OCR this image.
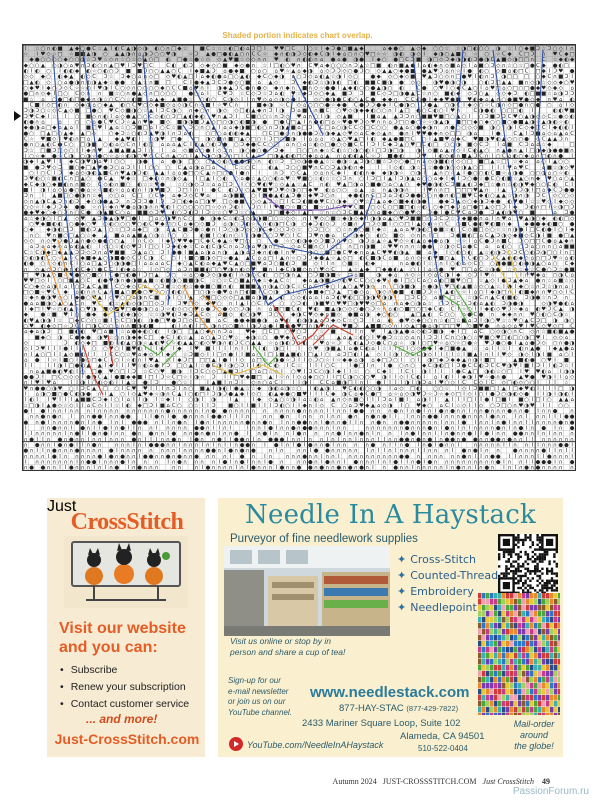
Shaded portion indicates chart overlap.
I ☆ ○ ∩ ◐ ■ ▲ ◆ ○ ● C ☆ ▲ I ◐ C ▲ ◑ ◇ ◑ ◐ ○ ∩ □ ◆ ☆ ■ C ☆ ☆ ☆ ◐ □ ◐ ⌂ Ɔ □ I ♥ ♥ □ C I ○ ☆ I ◆ Ɔ ● □ ■ ▲ ◆	⌂ ◆ ● ○ ▲ ◇ ◆ ○ ○ ☆ ☆ ◑ □ ◐ ○ ○ ◑ ☆ I ○ ◆ ■ Ɔ ☆ Ɔ ○ ◇ I ∩
☆ I ♥ ◇ ☆ □ ☆ ■ ■ ▲ ◑ ○ ▲ ▲ ◑ ∩ ⌂ ◑ Ɔ ○ ○ ♥ ◑ ☆ Ɔ ▲ ● □ ● ◐ ▲ ○ ∩ C C ☆ ◆ ∩ ◐ ◑ Ɔ ◇ ◐ ◆ C ◑ I ◆ ⌂ ○ ∩ ○ ♥ □ ☆ ☆ ◑ ◐ ◑ ◇ I ◆ ◑ ○ ▲ ■ ○ ☆ ○ ☆ C ◆ C □ Ɔ ∩ ♥ C ◆ □
◆ ● ○ ○ ○ ○ ◆ ○ ○ ◑ ☆ Ɔ ♥ ☆ ◇ ∩ ☆ ○ ☆ ◇ ▲ ○ □ ◐ □ ● ☆ ● ☆ ◇ ◇ ▲ ♥ ■ ☆ ◇ ◇ ∩ ∩ ♥ ◐ ∩ ◐ ◐ ∩ ⌂ ● ⌂ ● ◑ ● I ◆ ○ ● □ C Ɔ ■ ◑ □ ◇ Ɔ ◆ ◑ ◑ ◐ Ɔ ● ◑ C ▲ ■ ◇ ◑ □ □ ∩ C ☆ ◆ ◐ ◆
◆ ○ ○ ▲ ○ ◑ ○ ⌂ ♥ ∩ Ɔ ◐ ○ ∩ ▲ □ ♥ I Ɔ ♥ □ C C ◐ ◐ Ɔ ◇ ◆ ◇ ○ ■ ◆ ◇ ● ∩ ☆ I □ ◐ ○ ♥ ∩ C ♥ ⌂ ◆ ○ ○ ○ ∩ Ɔ ▲ ☆ □ ■ ◐ ∩ ■ ▲ ● I ⌂ ◐ ◆ ∩ ◇ ■ ⌂ ◇ I ⌂ ■ ○ Ɔ ◇ ∩ ☆ ○ ☆ □ ● C ◆ ● ◐ □
◐ I ◐ ○ I I ◐ ◐ ◆ ◐ ☆ ○ ◐ ○ Ɔ ■ ■ Ɔ ○ ○ ▲ ▲ ○ C I ◆ ■ ▲ Ɔ ⌂ ● ◆ ■ ○ ⌂ ○ ⌂ ♥ ☆ ▲ ⌂ ◆ ◑ ⌂ ◇ Ɔ Ɔ ◇ ○ ● Ɔ ○ ◇ ▲ ▲ ○ ◆ ● ■ ● ▲ ♥ Ɔ ⌂ ∩ ☆ I ● ◐ ○ ◇ ■ ⌂ ◐ □ C □ ◆ I Ɔ ♥ ●
◇ ◇ ◆ ○ ◐ ◆ ▲ ◐ ◇ C Ɔ ☆ Ɔ ◆ ○ ⌂ ∩ ◇ □ ◇ ♥ ◐ ▲ □ I ⌂ ◆ ◐ ● ⌂ □ ○ ▲ ◐ ◆ C ○ ◆ ◑ ⌂ ○ Ɔ ◇ ⌂ ◐ ▲ ☆ ◑ I ◇ ○ ● ◆ ◇ ○ ◆ ◇ ■ ♥ ▲ Ɔ ○ ◇ ∩ □ ● ♥ I ◐ ∩ Ɔ ◑ □ □ □ ○ ◆ C ∩ ■ Ɔ I
□ ▲ ◐ ◇ ○ ⌂ ● ◑ ∩ ◐ ◑ ▲ ◆ ☆ ● ● ○ ▲ ☆ ∩ ■ □ C I ● ◆ ▲ Ɔ C Ɔ ● ◇ ○ ■ ⌂ ▲ ◇ Ɔ ◆ ◐ Ɔ ☆ ◑ ◑ ◐ □ ◐ ■ ■ C ■ ◑ ● ◇ ◇ ◑ ♥ ● ◑ ○ ◑ ○ ◐ Ɔ □ ▲ ▲ ■ ∩ ◇ ◑ ☆ ◇ ◇ ◆ ○ ♥
○ ◆ ♥ I ◆ ○ Ɔ ◇ C ☆ ☆ ◐ I ♥ ◑ I C ○ ◇ ∩ ○ ○ ○ ○ ◆ ○ C C ■ ⌂ ♥ ∩ I ◑ ◆ ▲ Ɔ C ● ∩ ● ◇ ◆ ∩ ◆ ∩ ■ ∩ ◇ ☆ ● ● I ▲ ◆ ◐ ○ ○ ● ▲ ◑ ○ ◐ C ● ○ ♥ I ○ ◆ C ▲ ○ I ⌂ ♥ □ ⌂ ○ □ ○ □ ● ◆ ♥ ◇ ◆ ◇ ⌂
● □ ∩ ◇ ◆ I □ ○ C ◇ ∩ ∩ ■ ☆ ○ ∩ ● ▲ ◇ ∩ □ ○ ○ ○ ● ○ ⌂ I C ♥ Ɔ ☆ C ◇ Ɔ ☆ Ɔ ⌂ ◐ ♥ ☆ ◆ Ɔ ◇ ○ ◆ ▲ ■ Ɔ Ɔ ■ C ◇ Ɔ □ ◑ ● ▲ C ☆ ∩ ○ ■ ◐ ◆ ◇ Ɔ ○ ▲ ◇ ◇ ◆ Ɔ ◐ □ ■ ■ ☆ ⌂ ◑ Ɔ Ɔ
■ ☆ ⌂ ○ ● □ ◐ □ ● ◆ ∩ ◑ ☆ ○ C ○ ☆ ◐ ■ ⌂ ▲ ◆ ▲ ■ ● ☆ ○ ◐ ○ C ◑ ◇ I I ∩ ♥ ◇ ⌂ ◇ ◑ ◇ ● I Ɔ ◇ ○ ● ◑ ● C ◐ ○ ▲ C ● ◆ ◆ ∩ C C ◐ ● I ◆ ◆ ♥ ● ■ ♥ ◐ ◆ ⌂ ▲ ∩ ○ ● ■ ♥ ● ◇ ◆ ∩ ♥ ⌂ ◐
C ■ I ◇ □ ◐ ∩ ◇ ◆ ◑ ⌂ ○ ◆ ▲ ◐ ○ C ♥ ○ ◇ ◆ ■ ◇ ⌂ ◇ ◑ C ∩ ◇ ■ I ☆ ♥ C ∩ I ■ ◆ ◑ ☆ C ◇ ⌂ ○ ○ ○ ● ☆ ◆ ● C ● Ɔ Ɔ ● ◆ I C ● ◑ ○ Ɔ ● ▲ ○ ◑ C I ◆ ◇ ○ ☆ C ◑ ∩ ◇ □ ● ∩ ○ ● ○ ⌂ I ◇
Ɔ ◑ Ɔ ○ ☆ ◇ C ▲ ◇ ■ □ ● ○ ♥ C ◇ ■ ◑ ○ ☆ ▲ I Ɔ C ◑ ○ ∩ ◆ ○ ∩ ◑ ◇ ◇ □ ◐ ▲ ◆ ∩ Ɔ I ◑ Ɔ ⌂ ■ I ∩ ■ C ○ ♥ ◇ ◑ ◆ ◆ ◐ ○ ○ ∩ I ▲ □ ◐ ○ C ◐ ○ I ♥ ∩ C ◑ ● ◐ ○ □ □ ◐ I	◐ ◐ ♥ ■
Ɔ ♥ C ◆ I ☆ I ○ ■ ◇ ∩ ◐ I ⌂ ◇ ● ▲ ○ ○ C ◇ ◐ ○ Ɔ □ ▲ ◐ ◆ ◐ ♥ ∩ ▲ Ɔ I C ■ ○ ○ ☆ ∩ Ɔ ◇ ♥ ⌂ ∩ ○ I ◑ ◇ ▲ ■	I ■ ⌂ ▲ ▲ Ɔ Ɔ ∩ ○ ■ ■ ♥ ■ □ ○ ▲ ○ I ○ Ɔ ■ Ɔ Ɔ C ♥ ○ ▲ ◑ ◇ ◇ C ☆ ● ◇ ◐
◐ ● ∩ ⌂	⌂ ○ ○ ⌂ ● C ♥ C Ɔ ☆ ▲ ∩ ♥ ◆ ■ ◇ ■ ◑ ◑ ■ Ɔ ▲ ◇ □ ○ ◑ ○ ◐ ■ ◑ ● □ ● C □ ▲ I ∩ ● ◐ □ ⌂ ☆ ♥ ● ♥ Ɔ ◇ ♥ ∩ ∩ ⌂ Ɔ □ ○ ● ○ ☆ ☆ ◑ ▲ ◑ ■ □ □ ◆ ○ ◆ ○ ○ ■ ○ ● ■ ▲ ◑ ☆ ▲ ◑ ◐ ☆ ◐
◆ ● ◑ ⌂ □ ◆ ⌂ ▲ ⌂ I ■ □ ♥ I ▲ ⌂ ☆ ○ Ɔ ■ □ ⌂ I ○ C ☆ ■ Ɔ ○ ∩ ○ ▲ I ⌂ ⌂ ◆ ◑ ■ □ ◐ ○ ∩ Ɔ ◑ ▲ ■ ⌂ □ Ɔ C □ ⌂ ○ ◑ C C ◇ □ C ○ ○ ● ▲ ⌂ ○ ● ◆ ◑ ∩ ∩ ● ○ ○ ◇ ◇ ■ ◑ ○ I ◑ I C ◇ ◆ □ C I ◆ ◐ ◐ I
● ○ □ ▲ □ ○ ▲ ◆ ▲ □ ◇ ○ ◆ Ɔ ☆ ○ ◐ Ɔ ▲ ♥ ◑ I ∩ Ɔ ⌂ ◐ ○ □ ○ ⌂ ◐ ◐ ◆ ▲ □ C □ ● ◇ ∩ ◑ ● ● Ɔ ○ ◑ ◆ ▲ ◇ ♥ ◇ ⌂ C ◆ ◇ ▲ ∩ ● ∩ I ♥ ♥ ● ◆ ∩ ◇ □ □ ◑ ⌂	I ● C ▲ I Ɔ ■ ⌂ ◇ ⌂ ▲ ⌂ C
C ☆ ♥ ■ ◇ I ♥ ◐ ∩ □ ⌂ ▲ ◆ ▲ ♥ ◐ I ○ ◑ ♥ □ ● □ ◑ ○ ■ ∩ ■ □ ▲ ○ □ ○ I Ɔ □ ○ ■ ◑ I ⌂ ⌂ ⌂ ◇ ▲ ○ ♥ ▲ □ I ◐ ◆ ▲ ● ■ □ C ○ I ▲ ■ ♥ ⌂ ◆ C ♥ ■ ◑ ♥ ◐ ▲ ○ ○ ○ ● ◇ C ▲ ▲ Ɔ ∩
● ∩ ○ ▲ ◐ C ● C ○ □ ◑ ■ ○ ◐ ⌂ ○ C ∩ I ◐ □ ⌂ ⌂ ⌂ ▲ C I ◐ ▲ ○ ◐ Ɔ ● ○ Ɔ ◆ ● C C ○ □ ⌂ ∩ ○ ⌂ ☆ ◐ ◇ □ ● ○ ◇ ■ C C I Ɔ I C ◆ Ɔ ▲ ○ ♥ □ C ◐ □ ○ ○ ◑ ■ ◇ C Ɔ I ⌂ ■ C Ɔ ⌂ ⌂ ☆ ◆	□
Ɔ ☆ □ ■ Ɔ □ ◇ ○ I I ◆ ∩ ♥ ▲ ■ ▲ ■ ▲ Ɔ I ○ I ⌂ ◇ ■ ⌂ ○ ● I ◇ Ɔ ∩ ◑ ○ ● ○ ● Ɔ ◆ □ ○ □ ∩ ◆ ☆ C ◐ ☆ ○ ◑ ○ ◐ I □ Ɔ ◑ □ ◑ ◑ ◇ ■ ⌂ ▲ ∩ ◇ I C ◐ ▲ ○ ∩ ▲ ● ∩ ▲ I □ ◑ ◆ ◑ ● ● ■ ∩
I ○ ☆ ◆ ● ☆ C ◑ ○ ◑ ☆ ● ○ ☆ ⌂ ☆ ◐ ◑ ○ ♥ ◇ C C ∩ ▲ ○ ○ I ▲ I ◑ ○ ◑ Ɔ ∩ □ I C ▲ ∩ □ ◑ ▲ ◐ ◐ □ ○ ◆ ⌂ ⌂ ▲ ∩ ⌂ ◐ ◐ ▲ C ☆ Ɔ ■ ● ◐ Ɔ ♥ I ◐ ◇ ◐ ∩ ■ ▲ Ɔ C ∩ I ○ C ⌂ ◐ ○ ◆ ⌂ ∩ □ ◐ ∩ ● I
◑ ◆ I ▲ ♥ I I ◆ C ◑ ♥ ◑ ⌂ ♥ I ○ ○ ◑ ● ⌂ ● ◑ □ ○ ○ ▲ ◇ ◐ ○ ● ● ◑ ○ ∩ ◐ ☆ Ɔ □ ◇ ◑ ● ● ▲ ☆ ☆ ● ◑ ☆ ▲ Ɔ ◑ ○ ■ ☆ Ɔ ◇ ○ ● □ ∩ ⌂ ◇ ◑ ■ ◐ ∩ ◇ ○ □ ■ □ ▲ ☆ □ ☆ ◆ ⌂ ⌂ ○ I ▲ ○ ○
■ ● Ɔ ♥ ◇ Ɔ ■ ○ ◆ □ ▲ ♥ ● Ɔ ○ ⌂ Ɔ I I I ○ ○ ○ C ▲ ⌂ ◑ ⌂ □ ⌂ I C ☆ ○ C ◐ ▲ Ɔ ○ ○ ■ ♥ ∩ C ○ Ɔ ▲ ◑ ◐ ∩ ◆	I I ◇ ◐ ◑ ☆ Ɔ ☆ ● ● ◑ ○ ◇ ◑ ▲ ○ □ I I I ♥ ⌂ ♥ C	⌂ ■ ☆ ◑ ◇ ♥
○ I ○ C I Ɔ ◆ ⌂ ◇ ◑ ◐ ▲ ■ C ∩ ♥ ▲ ◑ Ɔ ◐ ▲ ▲ I ⌂ ⌂ ● □ ○ C ▲ ☆ □ ○ ● I ● ∩ I	∩ Ɔ ○ C ▲ ◇ ⌂ ∩ C ◆ I ◐ ◐ ∩ ◆ ◆ ◑ ◑ ☆ ○ ◑ I ▲ ∩ ○ ☆ ▲ I ● ○ ○ ◐ C ■ ☆ ⌂ ◑ ● ○ ○ ◑ ⌂ ○ ☆ ◐
Ɔ ♥ ◐ ○ ☆ ■ ◐ C ∩ □ ▲ ○ ● C ▲ ♥ ◆ ☆ □ ◆ ◐ ☆ ∩ ◑ ◇ ▲ I □ ▲ I ○ ◐ ○ ⌂ ● ☆ ▲ ○ ○ ◐ ⌂ ♥ ☆ ♥ ■ ○ ☆ ◐ ☆ ☆ ○ Ɔ ∩ ○ I Ɔ □ I ▲ I Ɔ ◑ ▲ ⌂ ○ ○ ⌂ ◆ I ◆ I Ɔ ○ ● ☆ ● C ○ ◐ ■ ☆ ▲ ○ ∩ ◆ ♥ ○ ⌂ ○ ▲
◆ C ◆ ◑ ○ ◆ ■ ◐ ∩ ∩ ■ ◇ C ◇ ◐ ∩ ■ ○ ◐ ☆ ☆ ♥ ● ☆ ○ ◑ ◇ Ɔ ☆ ⌂ ⌂ □ Ɔ I ○ ○ ♥ ◐ ♥ ☆ ◇ ▲ ▲ ☆ ▲ C ∩ ◐ ♥ ▲ □ ◑ ⌂ ○ ■ ● ○ ⌂ ○ ▲ ○ ◆ ♥ ● ◑ ◐ C Ɔ ■ ▲ ◐ Ɔ ◆ □ ☆ ● ∩ ☆ ◐ ◑ ♥ ◆ ○ ○ C ◐ C I
■ I ◑ I ⌂ ◇ ⌂ ● ○ ● ⌂ ☆ ☆ ■ ◐ ☆ ⌂ ⌂ ◐ ∩ I ◑ ♥ ■ Ɔ Ɔ □ I ∩ I ● C ◐ Ɔ I ○ ▲ ♥ ■ ♥ Ɔ ♥ ◇ ◑ ○ □ ◆ ♥ ◐ ⌂ ○ ○ ⌂ ▲ ⌂ ∩ ▲ ◑ ◑ ∩	I ♥ ∩ ∩ □ □ □ □ ♥ ▲ ∩ I ▲ Ɔ Ɔ ◑ I □ ⌂ ◆ C Ɔ ● ●
Ɔ ∩ I ▲ ■ □ ○ ● ◑ ∩ ☆ ◆ ◇ ○ ⌂ C □ ○ C ◆ ⌂ ◆ Ɔ ◇ C ♥ ⌂	⌂ ◑ ■ ■ ○ I ■ ● ▲ ◐ ▲ Ɔ ● ☆ ◆ ♥ Ɔ ○ ∩ ◆ ● ◐ ∩ C □ Ɔ ⌂ Ɔ ◐ Ɔ ● ● ○ ○ ∩ ● ∩ ◐ □ ■ ♥ C ◆ ◐ ○ ▲ ▲ ☆ ◑ ∩ ◑ Ɔ C ◇ ○ ○ ◇
◇ ∩ ▲ ◑ C ▲ Ɔ ∩ ◐ Ɔ ◆ ○ ◑ ● ▲ Ɔ ∩ Ɔ Ɔ Ɔ ● I Ɔ Ɔ □ ◐ ◆ ⌂ □ ◑ ♥ □ ◇ ● ■ ○ ◇ ▲ Ɔ ☆ □ I C Ɔ ◐ ■ ● ♥ C ○ ◑ ◆ ○ ♥ ☆ □ ▲ ⌂ ◆ ○ ■ ◆ ◐ ◑ ● ● ◆ Ɔ ▲ ◇ ○ ◆ ◑ Ɔ ◆ ● ◐ ♥ ● I ☆ ☆ ♥ ◇ I ◆ ◇ ◇
○ ◇ ☆ I ◆ Ɔ Ɔ ◆ ● ● ☆ ∩ ☆ ◆ ∩ ♥ ● ⌂ ◑ ◑ ∩ ∩ ♥ ◐ I ○ ○ ○ ○ ○ □ ☆ ◇ ∩ Ɔ ◐ I Ɔ ○ I I ♥ ■ ○ ☆ ■ ○ ■ ☆ ∩ I ○ ♥ ♥ C ■ ○ ◇ C ○ □ ■ □ ◐ ☆ ◐ ○ ◆ □ ◆ Ɔ ⌂ □ ● □ ▲ ◇ □ Ɔ I ◆ Ɔ ◐ ∩ □ I ☆ ◑ □ Ɔ
● ◆ ♥ ◆ ○ ◆ ○ Ɔ ∩ ○ C ● ◑ ▲ ■ C ○ ⌂ ■ ■ ◇ Ɔ ♥ ◐ ○ Ɔ ◐ Ɔ I Ɔ ☆ ☆ ○ ♥ Ɔ ☆ ○ ▲ Ɔ □ ■ ◆ ◇ I ▲ □ ☆ ∩ ☆ ○ Ɔ C ■ ▲ C ○ ⌂ ■ ◆ ○ ○ ● ♥ ◇ Ɔ ● I ● C ♥ C ⌂ Ɔ ● Ɔ ▲ ◐ ◑ ♥ ○ ■	⌂ Ɔ ●
⌂ ☆ ◆ ◑ ○ I □ ▲ ◇ ♥ ▲ Ɔ ● ▲ ◑ ♥ □ ● I □ ⌂ ○ ◑ ♥ ∩ C ○ ● ◑ ◆ C ☆ ◐ Ɔ ◇ ◑ ◑ ■ □ ○ ☆ ◇ ◇ ∩ I ♥ ◇ ○ ■ ☆ ◆ ◑ ◇ ◆ I ◑ ◑ ⌂ ▲ ○ ♥ Ɔ ■ ■ □ ○ Ɔ C Ɔ ☆ Ɔ ◆ ■ ● ∩ ⌂ I ∩ ♥ ⌂ ♥ ▲ ◑ ○ ◆ ◐ ◐ □ ◇
○ ♥ ◆ ■ ◐ ◐ ○ ● ◆ ○ ♥ ○ ◐ ○ ○ ○ ♥ ○ ◐ C ♥ ◆ □ ○ C ⌂ ◆ ○ ◇ ■ Ɔ ⌂ ◑ ○ Ɔ ◐ ☆ C ∩ ◐ ◑ □ C ◑ ○ ◆ Ɔ ◐ ◇ Ɔ ◇ ■ ∩ □ Ɔ ◇ ■ I ○ ○ □ I ▲ ◇ ◐ ☆ ○ C ○ ■ C ● ◐ ♥ ◐ ■ ∩ ◆ ◆ ● ● ◆ ◐ ■ ○ ●
○ ◆ ◆ ◑ ◐ □ Ɔ ■ ◐ Ɔ ▲ I ○ ☆ □ Ɔ ⌂ ◆ □ ◑ ⌂ ▲ C ■ Ɔ ● ☆ ● ∩ I Ɔ ○ ◑ Ɔ ◇ ○ ◑ C ◆ ○ ○ Ɔ ◇ ☆ ○ Ɔ □ ○ ○ ☆ ∩ ● ○ ■ I ◆ ☆ ▲ ⌂ ⌂ ♥ ◑ ◐ □ ● ■ ☆ ◐ C ◇ ■ □ ◇ ○ ☆ ☆ ∩ ◑ ● I □ C ◐ ● I ○ I ◆
∩ ○ ♥ ∩ ■ ○ □ ▲ ○ ☆ ◆ ▲ ■ ⌂ ⌂ ▲ ■ ▲ ○ ◑ ☆ I ○ ○ ◐ ■ I ○ ◐ ∩ ○ I I ◑ ● □ ○ Ɔ ♥ ○ I C Ɔ ♥ ∩ ● ⌂ C ☆ ◑ ◆ ○ ◐ ○ ■ ◇ ◇ ∩ ∩ I □ Ɔ ● ■ ◐ □ ⌂ C ▲ Ɔ ◑ ◇ ◆ ■ ◇ C ◑ I ■ ● □ ▲
◇ ◇ ∩ ◇ ♥ Ɔ ● Ɔ ▲ ∩ ● ◇ ● ● ○ ○ ▲ I ∩ C ◇ I ◆ Ɔ ♥ ♥ ◆ □ C ◆ C ◆ ▲ ☆ ♥ □ ○ ○ ● ☆ ○ ◐ ◑ ◆ ◇ Ɔ ■ Ɔ ∩ ♥ ○ ◑ Ɔ ⌂ ▲ ☆ ▲ ♥ ◇ ☆ ◐ ▲ ⌂ ◆ ● ⌂ ◑ ☆ ☆ I ⌂ C ● Ɔ ∩ ■ C Ɔ ○ □ □ C ● ⌂ ▲ ◆ ∩
⌂ Ɔ ⌂ ⌂ ◆ ◇ ⌂ ⌂ ◐ ▲ ◐ I ◇ ○ ☆ ◐ ◇ ♥ Ɔ I □ ○ I Ɔ ◆ ◐ ◆ ☆ C ⌂ ◐ C ◑ C ∩ ⌂ Ɔ ◑ ⌂ ♥ ◑ ∩ □ Ɔ ◇ ⌂ C ■ ∩ ○ I ◇ □ ∩ □ ∩ ◑ ■ ☆ ♥ ♥ ∩ ∩ ∩ ☆ ● ● ☆ ◑ ◇ C ⌂ ● C ⌂ ⌂ ◐ ○ ○ Ɔ ⌂ ○ ∩ ∩ ○ ⌂ ■ ■
C ☆ C ◑ ◆ □ ◆ ▲ ▲ Ɔ Ɔ ◇ Ɔ ∩ ⌂ ♥ ■ ■ Ɔ ▲ ⌂ ○ Ɔ I ● ● I ■ ▲ ⌂ ◑ ⌂ ∩ ◑ ▲ ◑ ⌂ Ɔ ◆ ∩ ◐ ● I ∩ ♥ ◑ ○ ☆ ■ □ ● C ♥ ◆ ∩ ⌂ ▲ C ♥ ♥ ◐ ◑ ▲ ■ ⌂ ◆ I ○ ◐ ○ ◐ ▲ ☆ ◐ ◑ Ɔ ○ Ɔ C ○ ◐ Ɔ ◑ □ ○ I ∩ □
○ ◐ ◑ ◐ C ○ ☆ ▲ ☆ C ◆ ■ ◆ ▲ ○ ◑ ■ ● ◇ C Ɔ C ◑ C ○ I I ■ ○ ■ ◑ ◇ □ ☆ ● ▲ ▲ C ⌂ ⌂ □ I ▲ ∩ ☆ ○ Ɔ Ɔ ◆ ● ▲ ☆ ▲ ◇ □ ◐ C ■ ◑ C ⌂ ■ ⌂ ∩ ◇ ☆ ◐ ♥ ■ ○ ▲ ∩ C ◐ ○ Ɔ Ɔ C ▲ ◐ ◐ ◆ ◇ ⌂ ○ □ Ɔ ♥ ☆ ⌂ ◐
◐ ● ○ ☆ ◇ ◐ ∩ C I ○ ⌂ □ ▲ Ɔ ○ ◑ ◑ ● □ I ⌂ ⌂ ⌂ ⌂ C ◆ ○ ▲ C ◐ ⌂ ◆ ▲ ♥ C ▲ ○ □ ■ ♥ ⌂ Ɔ ○ ■ ◐ Ɔ ■ ◇ I I ∩ ○ ■ ☆ ◐ ◆	∩ ⌂ ● ◐ I ☆ ☆ ∩ I ○ ◐ ⌂ ◇ C ○ ○ ■ ● ■ ○ ◐ ● ◑ ▲ ○ ⌂ ○ C ◆
∩ ◇ ▲ ◇ Ɔ ○ ● ∩ ◐ C ◆ ○ ● C C I ◐ ◆ ⌂ ☆ I ◇ □ ◇ ⌂ Ɔ ∩ ■ ■ ◐ □ ○ ♥ ◑ ∩ ◐ ◇ ♥ ■ ∩ I ◆ C ◑ ■ ◇ ∩ ○ ♥ ◇ C ▲ ☆ ▲ ◆ □ ◆ ● ◐ ▲ ○ I I ⌂ ◇ ● ♥ □ □ ⌂ C ☆ ◑ ● ☆ ◇ ☆ ◆ ☆ C ● ○ Ɔ ☆ ● ■
□ ♥ ◑ ▲ ◇ ■ ☆ ♥ ● ○ ○ ■ ○ I C ● □ ◐ ● I Ɔ □ ▲ Ɔ ○ ☆ ⌂ ○ ● Ɔ ◇ ◑ ● ◐ I ∩ ◑ ○ C ◐ ○ □ ◑ ∩ ▲ ○ Ɔ ■ ◑ ■ ☆ □ ⌂ ■ ◑ ◆ ⌂ ∩ ◇ ☆ I ◇ ⌂ C ◑ I ◆ ◇ Ɔ I ♥ ☆ I	I ∩ ♥ ◆ ⌂ ○ ◑ C ⌂
♥ ♥ □ ◇ I ○ □ ■ ▲ ○ C ◐ ● ♥ ◑ ∩ ● ◑ ■ ▲ ■ ☆ ◐ ■ ◑ ○ ■ ■ ◑ C ☆ ○ ☆ C ○ ■ ▲ ∩ ◆ ☆ ◆ ▲ C ☆ ◆ ⌂ ▲ ◑ ■ ⌂ ◇ ◐ ♥ C C ○ ○ ◆ ♥ I ● I □ ○ C ⌂ ○ ⌂ ◐ □ ■ ♥ ○ □ ☆ ▲ ◇ I ● Ɔ ▲ ◆ ⌂ ● ∩ ☆ ⌂ ■ ☆ ◇
C ○ ◆ ◇ ⌂ ◑ I ⌂ I ○ Ɔ ▲ C ▲ ■ C ○ ◆ ◇ C ⌂ ○ Ɔ ● ☆ ◇ ◐ ☆ ● ● ■ ○ ■ ∩ ◐ ■ ■ ■ ▲ ∩ ◑ ▲ ○ ◑ C ☆ C ⌂ C ∩ ◆ ○ I ▲ ○ ▲ ♥ ◑ ◇ ∩ □ ◑ ■ ◑ ∩ ● ◑ ☆ ♥ □ ◐ ▲ ■ ☆ ◇ ○ ▲ ☆ I ● I ◆ ○ ☆ ∩ Ɔ ☆ ◑ ∩ ⌂ I
□ ○ ■ ☆ ♥ C ◆ ⌂ ◐ ∩ ∩ C ▲ ∩ ■ ▲ ○ ■ ● ○ ♥ Ɔ ○ ○ ◐ ◐ ○ □ ○ ◑ ☆ ● ♥ ⌂ ∩ □ ◐ ■ I C ○ ◑ ◑ I ⌂ ∩ ◆ ■ ◆ □ Ɔ ▲ □ ● ◇ ⌂ ◑ ◇ ∩ ● ■ ◐ ■ Ɔ Ɔ ☆ I ▲ ◐ ☆ ☆ I ⌂ ○ I ◆ ◑ □ ∩ I ◐ ■ ◆ ∩ ∩ ♥ ○ ◇ I C
☆ ◆ ∩ ● ◑ ♥ ◇ ○ I ◆ ● ○ ♥ ▲ I ◇ ♥ ○ □ ⌂ ◑ ∩ C ■ ◑ I ○ I ▲ ◇ ■ □ ○ ◇ ◇ □ ▲ ■ ⌂ ◑ ■ ▲ ◐ ○ ◇ ◐ ⌂ ⌂ I ⌂ Ɔ ◐ ♥ ◐ □ □ ◑ ◑ ♥ ◑ ◑ I □ Ɔ C ○ ⌂ ■ □ ☆ ☆ ◑ C ∩ ▲ C ◐ ■ ◐ Ɔ ◑ ● ☆ ∩ Ɔ ∩
● ⌂ ⌂ ■ ◑ ○ ▲ ○ ▲ C ∩ ♥ C ◐ ☆ ▲ ◐ ◇ ◑ □ □ ◇ Ɔ I Ɔ ♥ □ ◇ ◆ ♥ ○ ∩ I ▲ I ○ C I ◇ ○ ○ Ɔ ◐ ◑ ■ ♥ ○ ♥ ♥ □ ◑ ♥ ♥ ◇ □ ⌂ ∩ ⌂ ◆ ○ ◑ ⌂ ☆ ○ Ɔ C C ○ Ɔ ◐ ⌂ ▲ ◐ Ɔ ◑ ● ◑	◇ ◑ ♥ ● ◐ ⌂
I ◆ □ I ♥ ☆ ○ ◐ ▲ ∩ ○ ♥ ◑ ■ ◇ ■ ♥ □ ● ● ◑ ○ ⌂ Ɔ ☆ ◐ ◇ ○ ○ ♥ ⌂ ● Ɔ ○ ● ◇ ○ Ɔ ◑ ∩ ⌂ ■ □ ■ C ◐ ♥ ◐ ■ ▲ ◑ ○ ◇ ○ ● ○ Ɔ ☆ ∩ ⌂ ◐ ○ ■ □ ○ □ ◆ C ◐ C I ☆ ○ I I ◆ ◐ ◇ ♥ Ɔ ☆ ◆ ⌂ ◐ ♥ Ɔ C ▲ ◑
◆ ● ☆ ■ ♥ I ○ ● ◆ ● □ ◐ ◆ ◑ ◇ ☆ ☆ ◑ ♥ ◐ Ɔ ◆ Ɔ ▲ C ◇ ⌂ ■ ◇ ◐ ○ ◑ ♥ Ɔ ○ ○ ◆ ◑ C ♥ ◇ ◆ ∩ ■ ◇ ● ■ ⌂ ◑ ◆ ○ ◐ ○ ▲ □ ▲ ◐ C ○ ○ ⌂ ● C ● ∩ ◆ ◆ ∩ ∩ ♥ ○ ◐ ○ C ◑ ☆
◐ ♥ ▲ ◑ ◑ I ☆ □ ◆ C ○ ○ ☆ ■ I ◇ C □ ◑ ◐ ◑ ● □ ♥ ● Ɔ □ ◇ C □ ■ ⌂ C ● ● ◆ ■ ● ◑ ⌂ ♥ ◐ ◐ ◑ ◑ ▲ ⌂ Ɔ ◆ ◇ C ☆ ○ Ɔ I ⌂ ◐ ● ♥ ◇ ◆ ○ ○ ∩ ☆ ◐ □ ☆ ■ ⌂ Ɔ I ◑ ○ ♥ ☆ ☆ ♥ ○ ▲ C Ɔ □ ◑ ◑ ○
○ ♥ ◐ ◆ ◇ □ ☆ Ɔ C I □ ◑ C ○ ○ ⌂ ∩ ∩ ■ ◑ ◐ ■	◐ I ∩ ◐ I □ ◑ ∩ ○ ○ ■ ∩ I ◑ Ɔ ⌂ ● I ■ ● ● ♥ □ ∩ ◑ ♥ ∩ ◇ ♥ ■ Ɔ ▲ ■ ■ ○ ◇ ∩ I ◇ ▲ □ ● ⌂ ◑ □ □ □ ♥ ◇ ■ ♥ ● ∩ ⌂ ◇ ⌂ ♥ I ♥ C ◇ ♥ ◇ □ C
⌂ ◆ ⌂ ◑ Ɔ □ ■ ◐ ◐ ♥ □ ⌂ ■ I ☆ ⌂ ● ◆ ◐ ○ ◐ I ◑ □ □ ▲ ○ ◆ ∩ ∩ Ɔ ⌂ ♥ ◆ □ C □ ○ ♥ ○ Ɔ ☆ ■	I I ∩ ♥ I ▲ ◑ ▲ ● ⌂ ◇ ◐ Ɔ ■ ◑ ◆ I □ ⌂ C ○ ◇ ◑ ○ ∩ C ◇ ∩ ☆ ■ ◐ ■ ▲ ●
■ ◆ ○ ◑ C ● ◆ ● ◑ ♥ ☆ ○ ∩ ◑ ◆ ◆ C □ ◆ C I ◐ ☆ ▲ ⌂ ○ ▲ Ɔ ○ ♥ ☆ ◆ ◑ ☆ ○ ● ♥ ◆ ⌂ C ∩ ☆ ○ □ ▲ ⌂ ▲ ☆ ◐ ○ I ♥ ● Ɔ ☆ ☆ ◇ ⌂ ∩ I Ɔ Ɔ I C ∩ ○ ◑ ○ ☆ ♥ ■ ○ ♥ □ ◐ □ ○ ◑ □ ♥ I ◇ ◇ ⌂
◇	Ɔ ◐ ◇ ◆ □ ■ ◐ I ◐ ▲ ○ ◑ ☆ ▲ ◐ ♥ C ☆ ◐ ▲ ▲ ○ ◐ ◇ ♥ ◑ ∩ ◐ Ɔ C ○ ▲ ▲ ☆ ⌂ ◑ ◐ Ɔ ∩ ◐ ♥ ⌂ ☆ Ɔ C ◐ ▲ Ɔ ◇ ● C ○ ⌂ ☆ ◑ I ○ □ ♥ ☆ ⌂ ○ ☆ ○ ● ☆ ♥ Ɔ ● ○ ● I ▲ ⌂ ● Ɔ ◇ ○ ∩ ● ◑
◇ I Ɔ ♥ I I I ● I I I ○ ○ ♥ ○ I ■ ♥ ◐ I I I ◐ I ◆ I ♥ ■ I I I I ∩ I I I I ◐ ◑ □ I I ◇ ♥ ◑ ■ ▲ I ⌂ ● C ◐ ⌂ I ☆ I I □ I ○ ◇ ● ◆ I ◆ □ ■ ● ▲ ☆ ⌂ I I ☆ I ◐ ∩ ▲ ● I ◆ ▲ ● ⌂
∩ I ▲ ○ □ I I ▲ ◇ ■ ◐ I I I C C ○ ☆ ♥ ⌂ ◆ ◇ I I ◆ ○ ☆ Ɔ ■ ◇ I I □ ∩ ● I I ■ ⌂ ○ I □ I ■ ▲ ■ ◐ I □ ▲ I ○ ⌂ Ɔ □ ◐ I ▲ ◇ I I ◑ I ◇ C C ◑ ◇ I I I I ☆ I ■ ▲ I ∩ I I ♥ ◇ ◑ ◇ I ◑ I ■ ⌂ ○ I
⌂ ● I ☆ I ■ ○ I ● ○ □ ◆ C I ○ I ☆ ◐ ∩ I ♥ ▲ ◇ I ◆ Ɔ □ □ □ ▲ I ● I I ◇ ⌂ □ ◇ ◑ ● ☆ Ɔ I I ◇ Ɔ ○ ☆ I ☆ ◆ ◆ ⌂ ◑ ⌂ ◆ □ Ɔ ○ I ○ I ◑ □ ◆ Ɔ ◆ ◆ ▲ ∩ ◑ I ■ □	▲ ■ ◐ ● ○ ♥ I ■
I I	I I ◑ I □ ● ◐ ▲ ▲ I ◆ I I I ♥ ☆ ◐ ⌂ ● I Ɔ □ ○ ▲ I ☆ ● C ◑ I ◑ ○ Ɔ I I ◐ I C ◐ I C ☆ I I I ○ C	I ● □ I ∩ I ● ○ ∩ ○ ◆ C ◑ ◐ □ I Ɔ ● C C ◐ Ɔ C C ♥ ◑ ♥ I ■ I Ɔ I I ◐ Ɔ ☆ I
∩ ⌂ ▲ ■ ● ◐ ♥ ◐ I ○ □ ● ♥ ○ □ I Ɔ ☆ C ○ ♥ ■ ◑ I Ɔ C ○ ◇ □ ▲ ■ Ɔ I ○ □ ⌂ □ ☆ ◇ I ○ ♥ I Ɔ C ○ ◑ I ◆ I I ☆ ○ C ◆ I I C I ◑ I I I I ● C ▲ □ ◑ ◐ ☆ ○ □ I ♥ ♥ ◐ ⌂ I ◑ ◑
● ● Ɔ I □ C ○ ◇ ◇ I ● ◑ C ▲ I ● ■ ◆ ◆ ■ I □ I Ɔ ☆ C □ ☆ I ◑ ☆ Ɔ I I □ ♥ ◆ ■ □ ▲ I ☆ ∩ I ◇ ⌂ ◆ ○ ○ I I □ C ◑ ○ ○ ○ ♥ ◑ I I ◇ I C ◐ I ⌂ I ◐ I I ◆ ◑ I ♥ ☆ ● ∩ ● ▲ ♥ ● ♥ ◑ I I ⌂ ◇
∩ I ♥ I ♥ ⌂	I I ◑ I ○ ◐ ◇ ◐ I I ▲ ☆ ● I Ɔ ● ○ ☆ I	I ▲ ■ I ∩ Ɔ I ◇ ∩ ○ ⌂ C I I I ◑ I C C ⌂ ■ ◑ □ I ∩ I ● I I I I ◑ I ◑ Ɔ ⌂ I ♥ ○ ◇ I C C ◇ I C ◇ □ ◐ ◇ ○ ○ I I I ☆
♥ ∩ ● ● ○ ◑ ♥ ○ I Ɔ C ▲ I □ ○ I C ♥ ♥ I I I ∩ Ɔ I ∩ ○ ■ ▲ I ◑ ◐ I ● ▲ ☆ ☆ ◆ ◑ ◐ ⌂ ◑ ☆ ○ I ◐ ▲ ◑ I ♥ C ◐ ◐ ○ ○ ◑ I ⌂ ◇ □ ◐ ○ ○ ☆ I ◇ I Ɔ ■ ■ □ I ▲ I □ ◆ ♥ ◐ I I I I □ ◑
I ⌂ ◑ ○ ■ ○ ● C ◐ ◑ ● ∩ I ▲ ○ I ◇ ▲ ♥ ◆ ☆ ◑ ∩ C ▲ I ○ ◐ □ I Ɔ ◑ Ɔ ● ▲ ◆ I ◇ ○ ◐ ▲ ◆ ● ○ ■ ♥ I I I C ◆ ◑ C ⌂ ◆ C ● □ ⌂ ☆ ⌂ ◇ ◑ ♥ Ɔ ☆ Ɔ ☆ ◆ ◇ □ I ◇ I ○ I ● Ɔ ○ ◑ ◐ ◇ ● I I ◑ I ◑ ◐ I
I ◐ I I ♥ I I I ▲ ■ ■ C Ɔ ◆ I ○ I ⌂ I I ◑ I ☆ ◆ I I ○ ◑ I ◑	I ▲	I ◆ ◇ ▲ ○ ☆ ◑ I ⌂ ☆ ◐ ⌂ ▲ ∩ ◇ ∩ ■ ○ I I I Ɔ ⌂ I ■ I ⌂ ◑ I I ▲ I I I □ I I ● I □ ■ I ■ ○ I □ I ○ ▲ ▲ ⌂
☆ □ ◑ I ▲ ● ◇ ☆ ◇ I I ⌂ C ◇ I I ☆ I ◐ ◆ □ Ɔ I ■ ⌂ C ○ ○ ☆ I I Ɔ ■ ○ I I ■ I I I Ɔ ◐ ○ I I ◆ ∩ I ◇ C ○ ⌂ Ɔ ♥ ◆ ▲ ⌂ ◇ ◑ I ○ ♥ ◆ ○ ⌂ C I ☆ ◇ I I ◇ ○ Ɔ □ ○ ∩ ♥ ◑ ♥ I I ○ ○
● I ● I ∩ ∩ I ∩ ∩ ∩ I ∩ ∩ ∩ ∩ ∩ ∩ ∩ ∩ ∩ ∩ ∩ ● ∩ ∩ ∩ ∩ ∩ I ∩ ● ● ∩ ∩ ∩ ∩ ∩ ∩ ∩ ∩ ∩ ∩ ● ∩ ∩ ∩ ∩ I I ∩ ∩ I ● ● ∩ ∩ ∩ ● ∩ I ∩ ● I ∩ I ● ∩ ● ∩ ∩ I ∩ ∩ ● ∩ ∩ ∩ ● ∩ ∩ ● I ∩ ∩ ● ∩
∩ ∩ ● ∩ ● ∩ I ∩ ∩ ● ● I ∩ ∩ ● ●	I I ● ∩ I ● ● ∩ ∩ ∩ I ● ● ∩ I I I ∩ ∩ ∩ ● ∩ I ∩ ∩ ∩ I ∩ ∩ ● ∩ ∩ ● ∩ ● I I I ∩ ∩ ∩ ● ● I ∩ ∩ ∩ ● ∩ ∩ ∩ I ● ∩ ∩ I ∩ I ∩ ∩ I I I ● ●
● ∩ ● I ∩ ∩ ∩ ∩ ● ∩ I ∩ ● I ∩ I ● ● ● ∩ I I ∩ ● ∩ I ● ∩ I ∩ ∩ ∩ ∩ ∩ ● ∩ ∩ ● ∩ I ∩ ∩ ● ● ∩ ∩ I ● ∩ ∩ ● I I ∩ ∩ ● ∩ ∩ ● ● ∩ ∩ ∩ ∩ ∩ I ∩ ∩ I ● I ∩ ∩ I ∩ ● I ∩ ∩ I I ∩ ∩ ∩ ∩ ● ∩ ●
I	∩ ∩ ● ∩ ∩ I ● ∩ I I ● I ∩ ● I I ∩ ∩ I ∩ ∩ ∩ ∩ ● ● ∩ I I ∩ I	I ∩ ∩ I ● I ∩ ∩ ● ∩ ● ● ∩ ∩ ∩ I ∩ ∩	∩ ∩ ∩ ∩ ∩ ∩ ∩ ● ∩ ∩ ∩ ● ∩ I ● ∩ I ∩ I ∩ ∩ ∩ ∩ ● ∩ I ∩ ● I ∩ ● I ∩ ●
I I ∩ ∩ ∩ ∩ ∩ I ∩ ● I I ● ∩ ● I ∩ ∩ ● ∩ ● ∩ ∩ I ● ∩ ∩ ● ∩ ● ∩ I ∩ ∩ ● I ∩ ● I ∩ ∩ I ● ∩ ∩ ∩ ∩ ● I ∩ ∩ ● ∩ I ∩ ∩ I ∩ ● I ∩ ∩ I I ∩ ● ∩ ∩ ● I I ● I ∩ ∩ ● ● ∩ ∩ I ∩ I ∩ ∩ ∩
∩ ● I I ∩ ● ∩ ● ∩ ∩ I ∩ ∩ I ∩ ∩ ∩ ● ∩ I I I ∩ ∩ ● ∩ I ● ∩ ∩ ● I I ● ● ∩ I ∩ ● ● ● I ∩ ∩ I ∩ ∩ I ∩ I ∩ ∩ I ∩ ∩ ∩ I I ∩ ∩ ● ● ∩ ● ∩ ● I ∩ ● ● ∩ ● ● ∩ ∩ ● ● ∩ ● ∩ ∩ I I ∩ ∩ ∩ ∩ ∩ ∩
∩ ● ∩ ∩ I ● ∩ ● I I ∩ ● ∩ ∩ ∩ ∩ I ∩ I ● ● ● ∩ ∩ I ∩ ∩ ∩ I ∩ I ∩ I I ∩ ● ● ∩ I ● I ∩ I ● I ● ∩ ∩ ● I ∩ ∩ ∩ ∩ ● ∩ I I ∩ ● I ∩ ● I ● ∩ ∩ I	∩ ∩ ∩ ∩ ∩ I I ∩ ∩ I I ∩ ∩ ∩ ● ● I
● ∩ I I ∩ ● ∩ ∩ ∩ ● ∩ ∩ ∩ ∩ ● I ∩ ∩ ∩ ∩ ∩ ∩ ∩ ∩ I ∩ ∩ ∩ ∩ ● ● ∩ I ● ∩ ● ∩ ● ∩ I ∩ ∩ ∩ I ● ● ∩ ∩ ∩ ∩ ∩ I ∩ I I ∩ I ∩ ∩ ∩ I I ∩ ∩ ∩ I ● ∩ ● I ∩ ∩ ● ∩ ∩ ∩ ∩ ● I I ∩ I I
∩ ∩ ∩ ∩ I ● I ∩ ∩ ∩ ∩ ∩ ● I ● ∩ ● ∩ ∩ I ● ● ∩ ∩ ● ∩ ● ∩ ∩ ● ∩ ∩ ∩ I ● ∩ I ∩ ∩ ∩ ∩ ● ∩ ∩ I ∩ ∩ I ∩ ∩ ∩ ∩ ∩ ∩ ∩ ∩ ∩ ● ● ∩ ∩ ∩ ∩ ∩ ∩ ● ∩ I I ∩ ● ● I I ∩ ∩ ∩ I I ● ∩ ∩ ∩ I
I ∩ ∩ ∩ ∩ ∩ ∩ ∩ I ∩ ● ● I ∩ ∩ ∩ ● I ∩ ∩ ∩ I ∩ ● ∩ ∩ ∩ ∩ I ● I ∩ ● I ∩ ∩ I ● ∩ ∩ ∩ ● ∩ I ● ∩ ∩ I ● ∩ ∩ ∩ I ∩ I ● I I ∩ ● I ● ∩ ∩ ∩ ∩ ∩ ∩ ∩ ∩ ∩ ∩ ● I ∩ ∩ I I ● ● ● I ∩ ●
∩ ● ● ∩ ∩ I I ● ∩ ∩ ∩ I ∩ I ∩ ● I ∩ ● ∩ ∩ ∩ ∩ ∩ ∩ I ● ∩ ∩ ∩ ∩ I ∩ I ● ∩ ∩ ∩ I ● ∩ ∩ ● ● ∩ ● ∩ ∩ ● ∩ ● ∩ ● ∩ I ∩ ● ∩ ∩ I ∩ ∩ ∩ ∩ ∩ I ∩ ● ∩ ∩ I ∩ ● ∩ I ∩ I ∩ ● ∩ ● ∩ ∩ ∩ ∩ ∩
Just
CrossStitch
Visit our website
and you can:
• Subscribe
• Renew your subscription
• Contact customer service
... and more!
Just-CrossStitch.com
Needle In A Haystack
Purveyor of fine needlework supplies
✦ Cross-Stitch
✦ Counted-Thread
✦ Embroidery
✦ Needlepoint
Visit us online or stop by in
person and share a cup of tea!
Sign-up for our
e-mail newsletter
or join us on our
YouTube channel.
www.needlestack.com
877-HAY-STAC (877-429-7822)
2433 Mariner Square Loop, Suite 102
Alameda, CA 94501
510-522-0404
Mail-order
around
the globe!
YouTube.com/NeedleInAHaystack
Autumn 2024 JUST-CROSSSTITCH.COM Just CrossStitch 49
PassionForum.ru
